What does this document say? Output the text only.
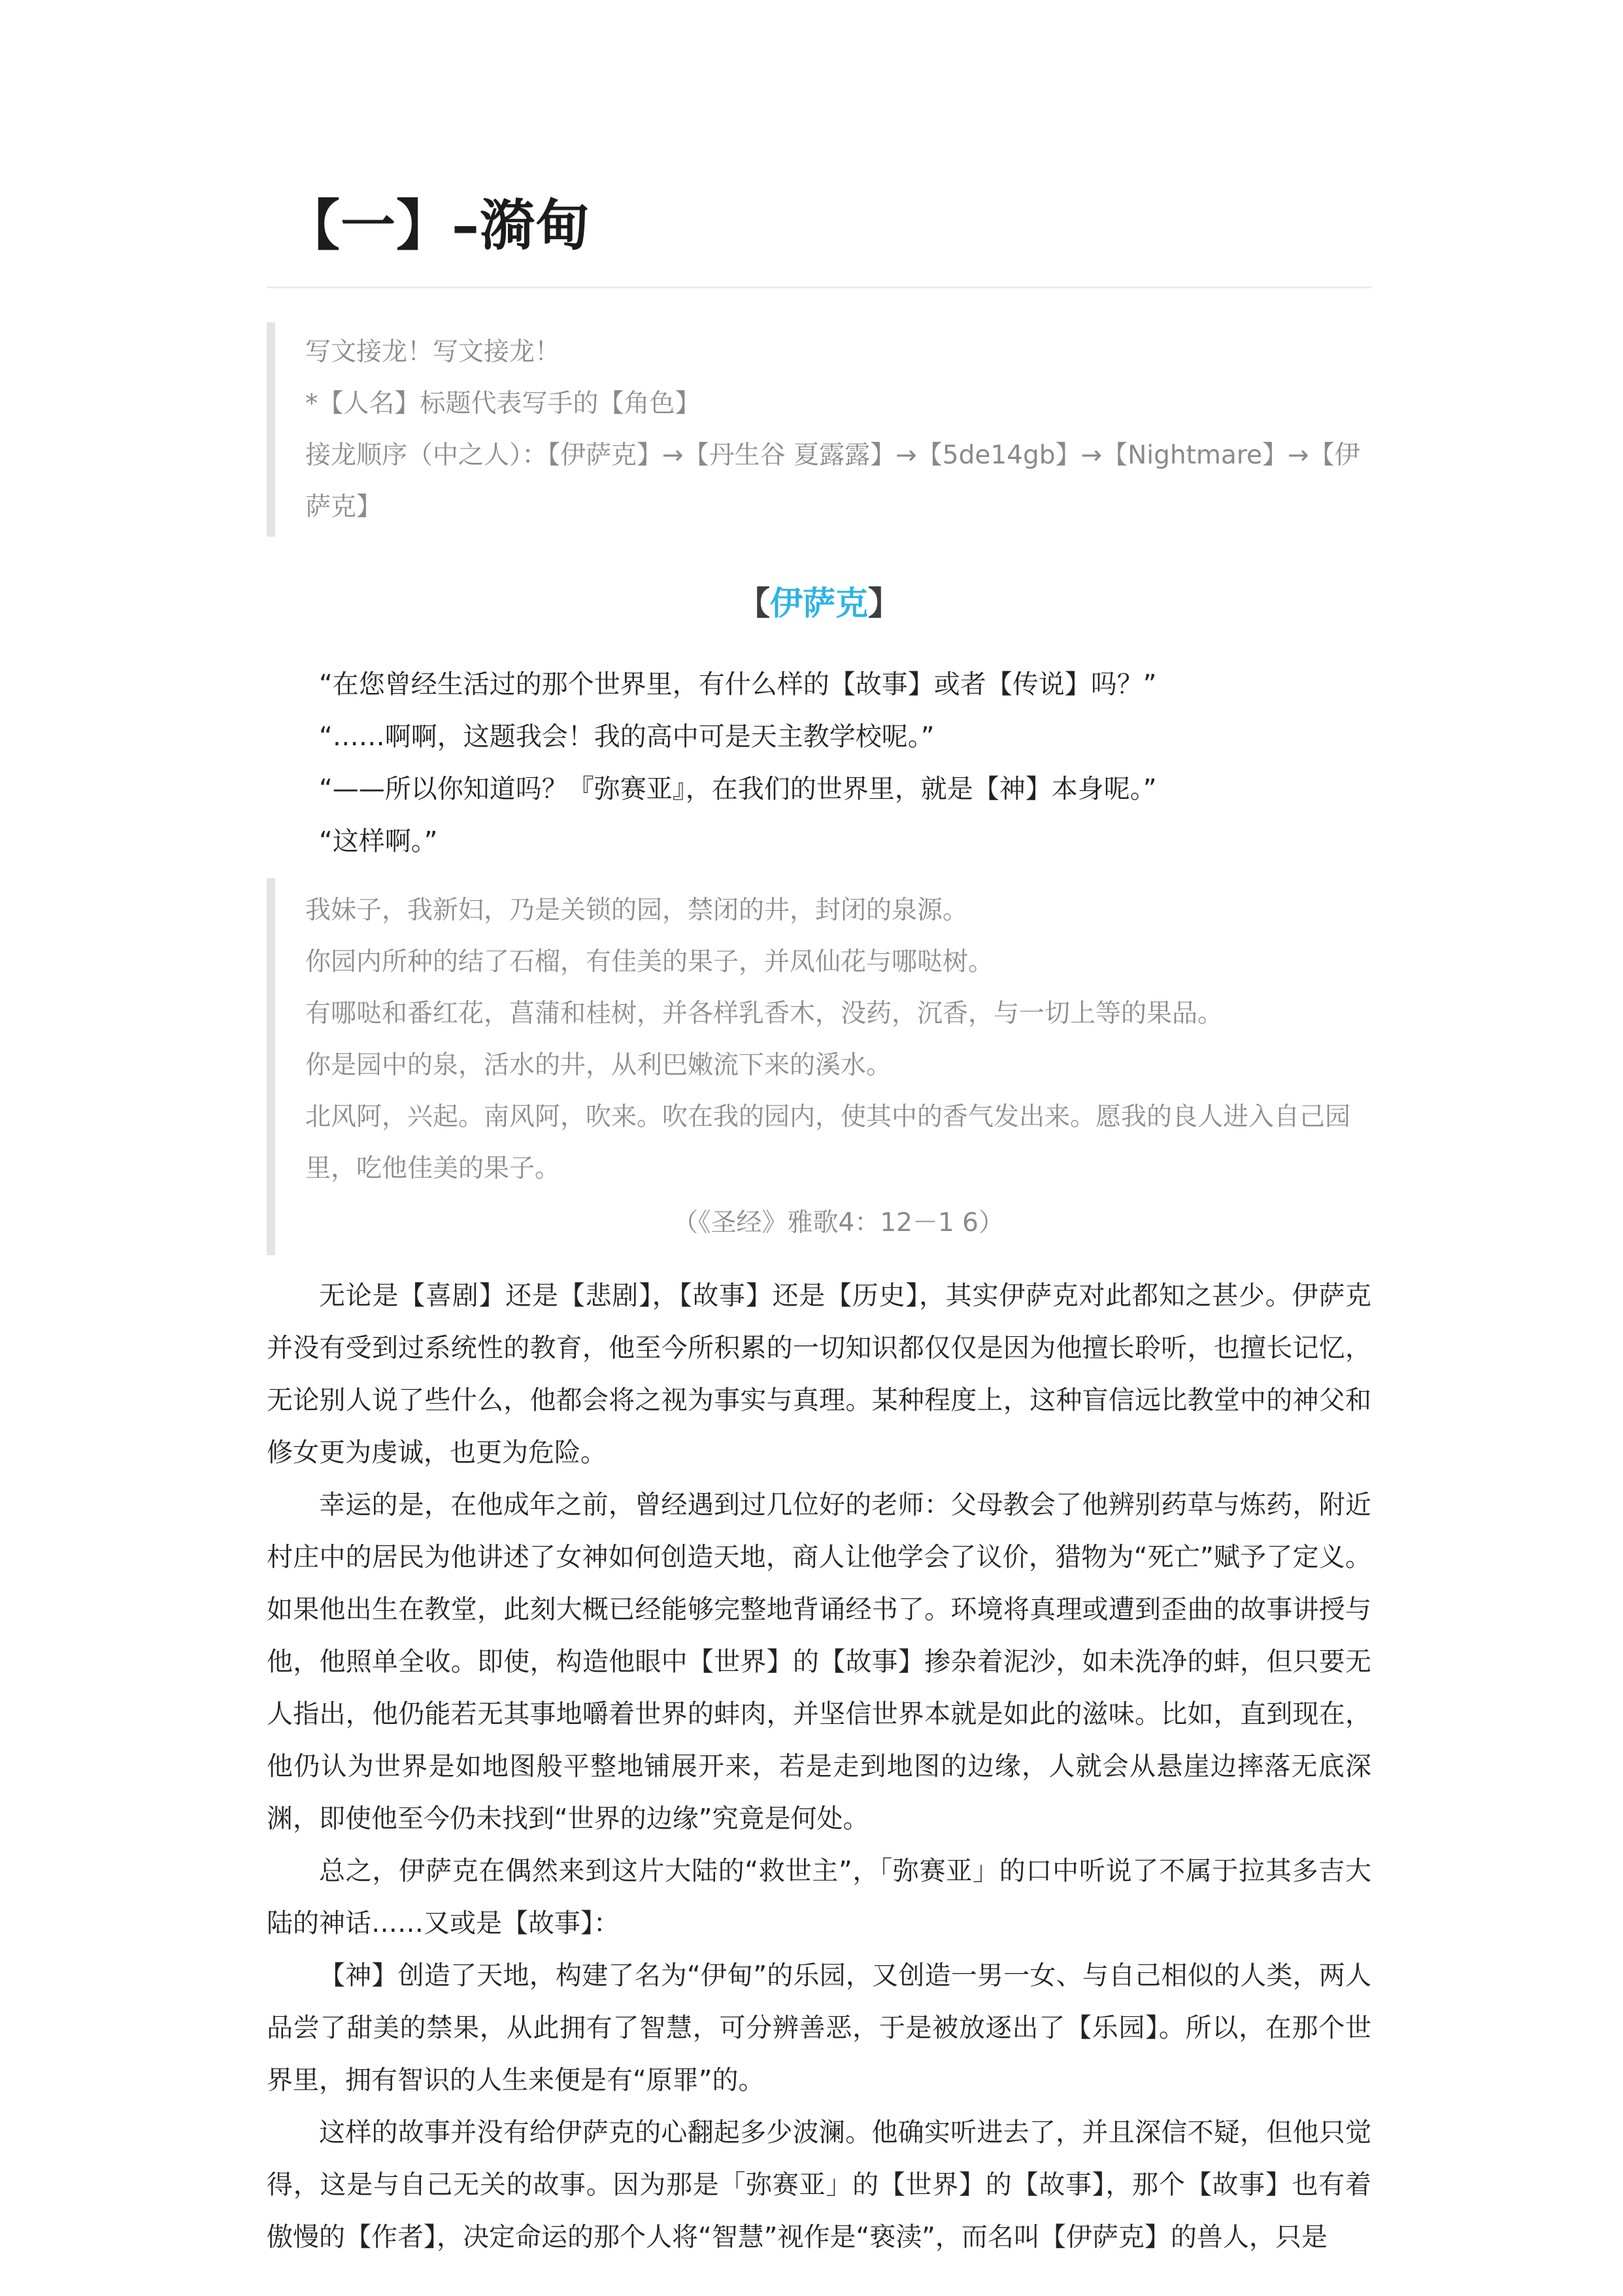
【一】–漪甸

写文接龙！写文接龙！

*【人名】标题代表写手的【角色】

接龙顺序（中之人）：【伊萨克】→【丹生谷 夏露露】→【5de14gb】→【Nightmare】→【伊萨克】

【伊萨克】

“在您曾经生活过的那个世界里，有什么样的【故事】或者【传说】吗？”

“……啊啊，这题我会！我的高中可是天主教学校呢。”

“——所以你知道吗？『弥赛亚』，在我们的世界里，就是【神】本身呢。”

“这样啊。”

我妹子，我新妇，乃是关锁的园，禁闭的井，封闭的泉源。

你园内所种的结了石榴，有佳美的果子，并凤仙花与哪哒树。

有哪哒和番红花，菖蒲和桂树，并各样乳香木，没药，沉香，与一切上等的果品。

你是园中的泉，活水的井，从利巴嫩流下来的溪水。

北风阿，兴起。南风阿，吹来。吹在我的园内，使其中的香气发出来。愿我的良人进入自己园里，吃他佳美的果子。

（《圣经》雅歌4：12－1 6）

无论是【喜剧】还是【悲剧】，【故事】还是【历史】，其实伊萨克对此都知之甚少。伊萨克并没有受到过系统性的教育，他至今所积累的一切知识都仅仅是因为他擅长聆听，也擅长记忆，无论别人说了些什么，他都会将之视为事实与真理。某种程度上，这种盲信远比教堂中的神父和修女更为虔诚，也更为危险。

幸运的是，在他成年之前，曾经遇到过几位好的老师：父母教会了他辨别药草与炼药，附近村庄中的居民为他讲述了女神如何创造天地，商人让他学会了议价，猎物为“死亡”赋予了定义。如果他出生在教堂，此刻大概已经能够完整地背诵经书了。环境将真理或遭到歪曲的故事讲授与他，他照单全收。即使，构造他眼中【世界】的【故事】掺杂着泥沙，如未洗净的蚌，但只要无人指出，他仍能若无其事地嚼着世界的蚌肉，并坚信世界本就是如此的滋味。比如，直到现在，他仍认为世界是如地图般平整地铺展开来，若是走到地图的边缘，人就会从悬崖边摔落无底深渊，即使他至今仍未找到“世界的边缘”究竟是何处。

总之，伊萨克在偶然来到这片大陆的“救世主”，「弥赛亚」的口中听说了不属于拉其多吉大陆的神话……又或是【故事】：

【神】创造了天地，构建了名为“伊甸”的乐园，又创造一男一女、与自己相似的人类，两人品尝了甜美的禁果，从此拥有了智慧，可分辨善恶，于是被放逐出了【乐园】。所以，在那个世界里，拥有智识的人生来便是有“原罪”的。

这样的故事并没有给伊萨克的心翻起多少波澜。他确实听进去了，并且深信不疑，但他只觉得，这是与自己无关的故事。因为那是「弥赛亚」的【世界】的【故事】，那个【故事】也有着傲慢的【作者】，决定命运的那个人将“智慧”视作是“亵渎”，而名叫【伊萨克】的兽人，只是
